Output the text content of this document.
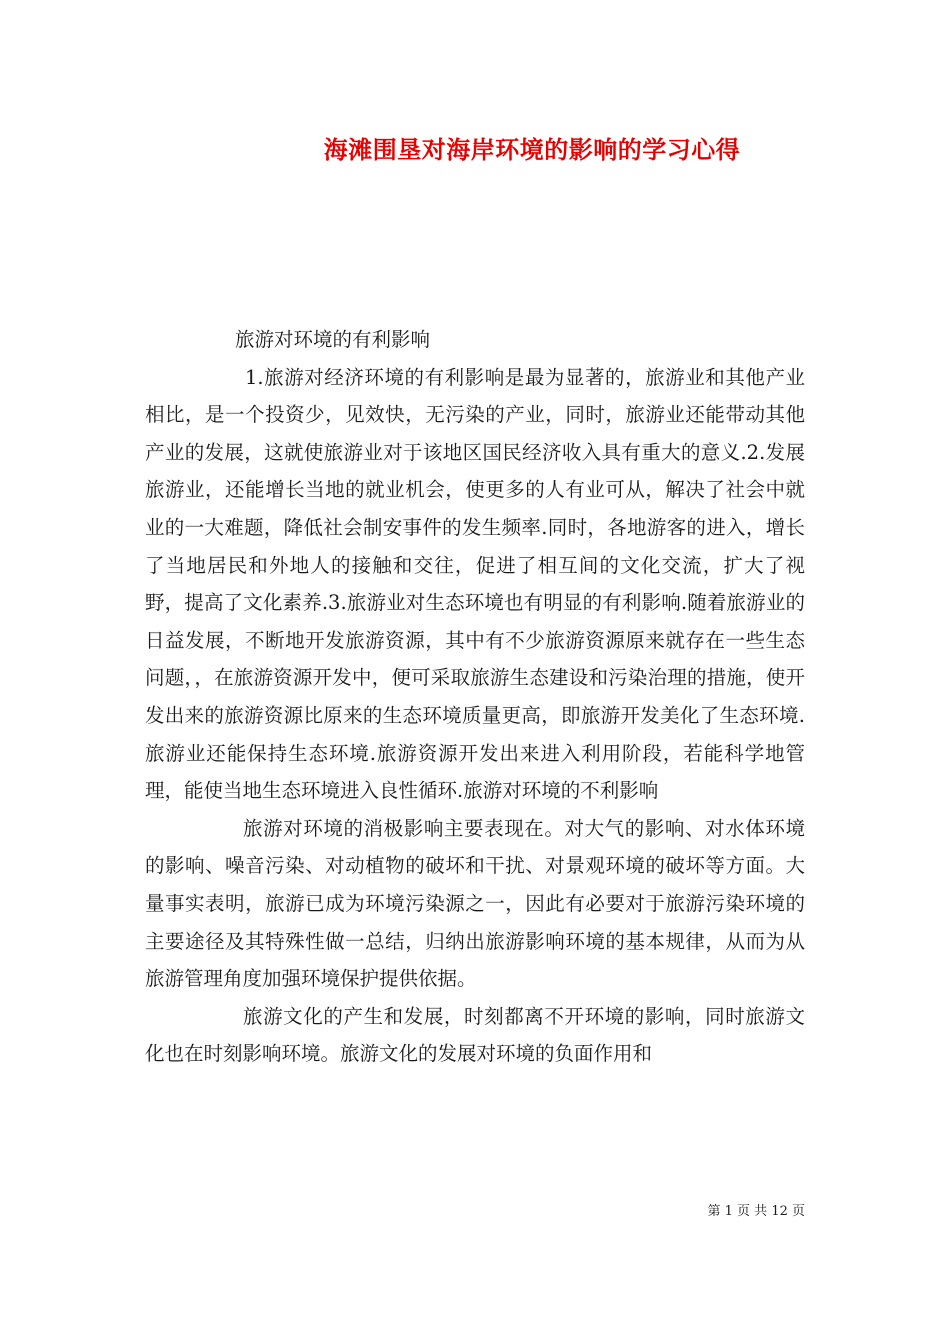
海滩围垦对海岸环境的影响的学习心得

旅游对环境的有利影响

1.旅游对经济环境的有利影响是最为显著的，旅游业和其他产业相比，是一个投资少，见效快，无污染的产业，同时，旅游业还能带动其他产业的发展，这就使旅游业对于该地区国民经济收入具有重大的意义.2.发展旅游业，还能增长当地的就业机会，使更多的人有业可从，解决了社会中就业的一大难题，降低社会制安事件的发生频率.同时，各地游客的进入，增长了当地居民和外地人的接触和交往，促进了相互间的文化交流，扩大了视野，提高了文化素养.3.旅游业对生态环境也有明显的有利影响.随着旅游业的日益发展，不断地开发旅游资源，其中有不少旅游资源原来就存在一些生态问题，，在旅游资源开发中，便可采取旅游生态建设和污染治理的措施，使开发出来的旅游资源比原来的生态环境质量更高，即旅游开发美化了生态环境.旅游业还能保持生态环境.旅游资源开发出来进入利用阶段，若能科学地管理，能使当地生态环境进入良性循环.旅游对环境的不利影响

旅游对环境的消极影响主要表现在。对大气的影响、对水体环境的影响、噪音污染、对动植物的破坏和干扰、对景观环境的破坏等方面。大量事实表明，旅游已成为环境污染源之一，因此有必要对于旅游污染环境的主要途径及其特殊性做一总结，归纳出旅游影响环境的基本规律，从而为从旅游管理角度加强环境保护提供依据。

旅游文化的产生和发展，时刻都离不开环境的影响，同时旅游文化也在时刻影响环境。旅游文化的发展对环境的负面作用和

第 1 页 共 12 页
